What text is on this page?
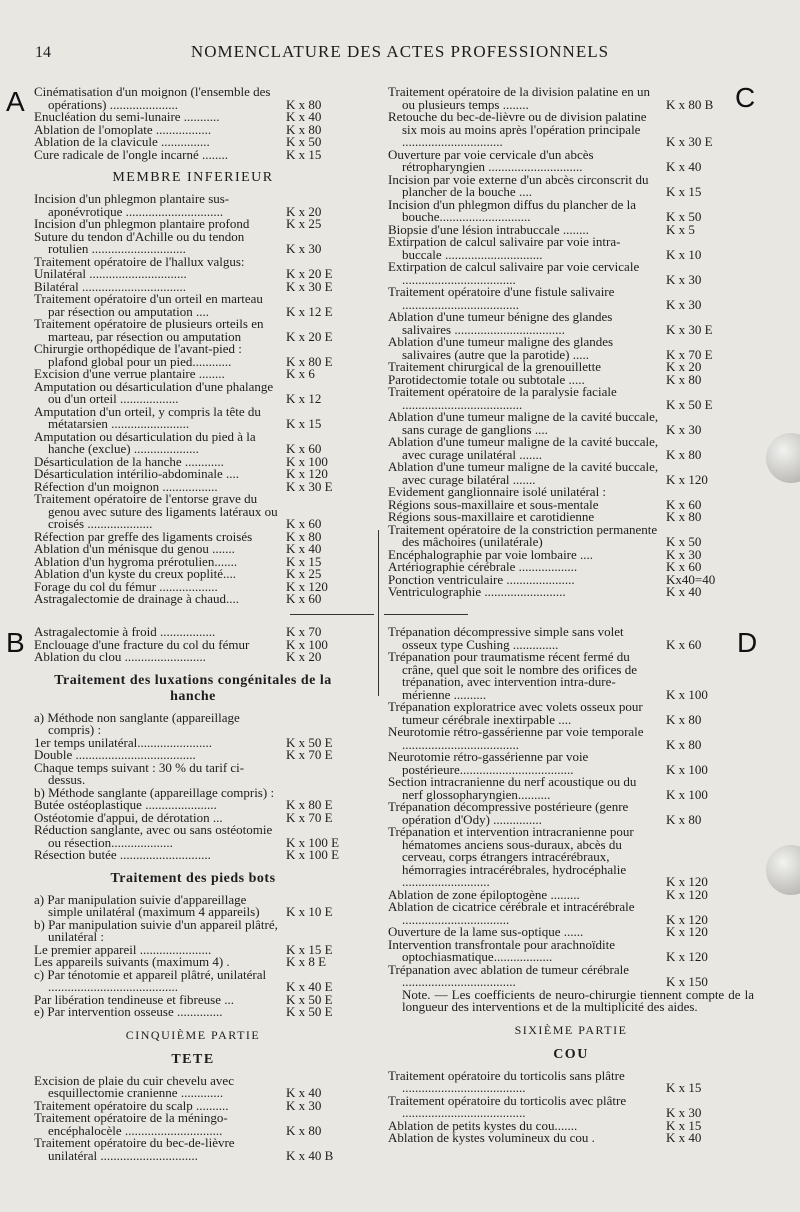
14	NOMENCLATURE DES ACTES PROFESSIONNELS
A
B
C
D
Cinématisation d'un moignon (l'ensemble des opérations) .....................	K x 80
Enucléation du semi-lunaire ...........	K x 40
Ablation de l'omoplate .................	K x 80
Ablation de la clavicule ...............	K x 50
Cure radicale de l'ongle incarné ........	K x 15
MEMBRE INFERIEUR
Incision d'un phlegmon plantaire sus-aponévrotique ..............................	K x 20
Incision d'un phlegmon plantaire profond	K x 25
Suture du tendon d'Achille ou du tendon rotulien .............................	K x 30
Traitement opératoire de l'hallux valgus:
Unilatéral ..............................	K x 20 E
Bilatéral ................................	K x 30 E
Traitement opératoire d'un orteil en marteau par résection ou amputation ....	K x 12 E
Traitement opératoire de plusieurs orteils en marteau, par résection ou amputation	K x 20 E
Chirurgie orthopédique de l'avant-pied : plafond global pour un pied............	K x 80 E
Excision d'une verrue plantaire ........	K x 6
Amputation ou désarticulation d'une phalange ou d'un orteil ..................	K x 12
Amputation d'un orteil, y compris la tête du métatarsien ........................	K x 15
Amputation ou désarticulation du pied à la hanche (exclue) ....................	K x 60
Désarticulation de la hanche ............	K x 100
Désarticulation intérilio-abdominale ....	K x 120
Réfection d'un moignon .................	K x 30 E
Traitement opératoire de l'entorse grave du genou avec suture des ligaments latéraux ou croisés ....................	K x 60
Réfection par greffe des ligaments croisés	K x 80
Ablation d'un ménisque du genou .......	K x 40
Ablation d'un hygroma prérotulien.......	K x 15
Ablation d'un kyste du creux poplité....	K x 25
Forage du col du fémur ..................	K x 120
Astragalectomie de drainage à chaud....	K x 60
Astragalectomie à froid .................	K x 70
Enclouage d'une fracture du col du fémur	K x 100
Ablation du clou .........................	K x 20
Traitement des luxations congénitales de la hanche
a) Méthode non sanglante (appareillage compris) :
1er temps unilatéral.......................	K x 50 E
Double .....................................	K x 70 E
Chaque temps suivant : 30 % du tarif ci-dessus.
b) Méthode sanglante (appareillage compris) :
Butée ostéoplastique ......................	K x 80 E
Ostéotomie d'appui, de dérotation ...	K x 70 E
Réduction sanglante, avec ou sans ostéotomie ou résection...................	K x 100 E
Résection butée ............................	K x 100 E
Traitement des pieds bots
a) Par manipulation suivie d'appareillage simple unilatéral (maximum 4 appareils)	K x 10 E
b) Par manipulation suivie d'un appareil plâtré, unilatéral :
Le premier appareil ......................	K x 15 E
Les appareils suivants (maximum 4) .	K x 8 E
c) Par ténotomie et appareil plâtré, unilatéral ........................................	K x 40 E
Par libération tendineuse et fibreuse ...	K x 50 E
e) Par intervention osseuse ..............	K x 50 E
CINQUIÈME PARTIE
TETE
Excision de plaie du cuir chevelu avec esquillectomie cranienne .............	K x 40
Traitement opératoire du scalp ..........	K x 30
Traitement opératoire de la méningo-encéphalocèle ..............................	K x 80
Traitement opératoire du bec-de-lièvre unilatéral ..............................	K x 40 B
Traitement opératoire de la division palatine en un ou plusieurs temps ........	K x 80 B
Retouche du bec-de-lièvre ou de division palatine six mois au moins après l'opération principale ...............................	K x 30 E
Ouverture par voie cervicale d'un abcès rétropharyngien .............................	K x 40
Incision par voie externe d'un abcès circonscrit du plancher de la bouche ....	K x 15
Incision d'un phlegmon diffus du plancher de la bouche............................	K x 50
Biopsie d'une lésion intrabuccale ........	K x 5
Extirpation de calcul salivaire par voie intra-buccale ..............................	K x 10
Extirpation de calcul salivaire par voie cervicale ...................................	K x 30
Traitement opératoire d'une fistule salivaire ....................................	K x 30
Ablation d'une tumeur bénigne des glandes salivaires ..................................	K x 30 E
Ablation d'une tumeur maligne des glandes salivaires (autre que la parotide) .....	K x 70 E
Traitement chirurgical de la grenouillette	K x 20
Parotidectomie totale ou subtotale .....	K x 80
Traitement opératoire de la paralysie faciale .....................................	K x 50 E
Ablation d'une tumeur maligne de la cavité buccale, sans curage de ganglions ....	K x 30
Ablation d'une tumeur maligne de la cavité buccale, avec curage unilatéral .......	K x 80
Ablation d'une tumeur maligne de la cavité buccale, avec curage bilatéral .......	K x 120
Evidement ganglionnaire isolé unilatéral :
Régions sous-maxillaire et sous-mentale	K x 60
Régions sous-maxillaire et carotidienne	K x 80
Traitement opératoire de la constriction permanente des mâchoires (unilatérale)	K x 50
Encéphalographie par voie lombaire ....	K x 30
Artériographie cérébrale ..................	K x 60
Ponction ventriculaire .....................	Kx40=40
Ventriculographie .........................	K x 40
Trépanation décompressive simple sans volet osseux type Cushing ..............	K x 60
Trépanation pour traumatisme récent fermé du crâne, quel que soit le nombre des orifices de trépanation, avec intervention intra-dure-mérienne ..........	K x 100
Trépanation exploratrice avec volets osseux pour tumeur cérébrale inextirpable ....	K x 80
Neurotomie rétro-gassérienne par voie temporale ....................................	K x 80
Neurotomie rétro-gassérienne par voie postérieure...................................	K x 100
Section intracranienne du nerf acoustique ou du nerf glossopharyngien..........	K x 100
Trépanation décompressive postérieure (genre opération d'Ody) ...............	K x 80
Trépanation et intervention intracranienne pour hématomes anciens sous-duraux, abcès du cerveau, corps étrangers intracérébraux, hémorragies intracérébrales, hydrocéphalie ...........................	K x 120
Ablation de zone épiloptogène .........	K x 120
Ablation de cicatrice cérébrale et intracérébrale .................................	K x 120
Ouverture de la lame sus-optique ......	K x 120
Intervention transfrontale pour arachnoïdite optochiasmatique..................	K x 120
Trépanation avec ablation de tumeur cérébrale ...................................	K x 150
Note. — Les coefficients de neuro-chirurgie tiennent compte de la longueur des interventions et de la multiplicité des aides.
SIXIÈME PARTIE
COU
Traitement opératoire du torticolis sans plâtre ......................................	K x 15
Traitement opératoire du torticolis avec plâtre ......................................	K x 30
Ablation de petits kystes du cou.......	K x 15
Ablation de kystes volumineux du cou .	K x 40
